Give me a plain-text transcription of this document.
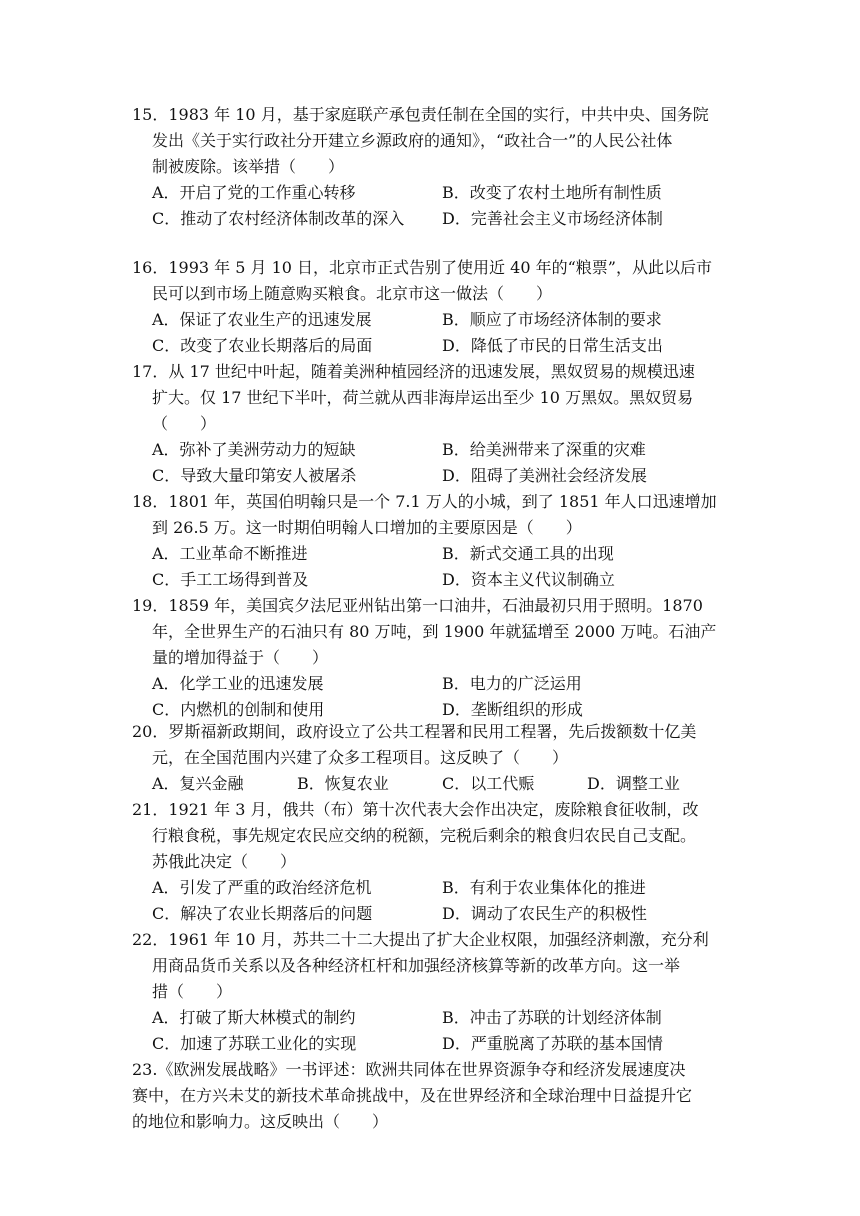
15．1983 年 10 月，基于家庭联产承包责任制在全国的实行，中共中央、国务院
发出《关于实行政社分开建立乡源政府的通知》，“政社合一”的人民公社体
制被废除。该举措（　　）
A．开启了党的工作重心转移	B．改变了农村土地所有制性质
C．推动了农村经济体制改革的深入	D．完善社会主义市场经济体制
16．1993 年 5 月 10 日，北京市正式告别了使用近 40 年的“粮票”，从此以后市
民可以到市场上随意购买粮食。北京市这一做法（　　）
A．保证了农业生产的迅速发展	B．顺应了市场经济体制的要求
C．改变了农业长期落后的局面	D．降低了市民的日常生活支出
17．从 17 世纪中叶起，随着美洲种植园经济的迅速发展，黑奴贸易的规模迅速
扩大。仅 17 世纪下半叶，荷兰就从西非海岸运出至少 10 万黑奴。黑奴贸易
（　　）
A．弥补了美洲劳动力的短缺	B．给美洲带来了深重的灾难
C．导致大量印第安人被屠杀	D．阻碍了美洲社会经济发展
18．1801 年，英国伯明翰只是一个 7.1 万人的小城，到了 1851 年人口迅速增加
到 26.5 万。这一时期伯明翰人口增加的主要原因是（　　）
A．工业革命不断推进	B．新式交通工具的出现
C．手工工场得到普及	D．资本主义代议制确立
19．1859 年，美国宾夕法尼亚州钻出第一口油井，石油最初只用于照明。1870
年，全世界生产的石油只有 80 万吨，到 1900 年就猛增至 2000 万吨。石油产
量的增加得益于（　　）
A．化学工业的迅速发展	B．电力的广泛运用
C．内燃机的创制和使用	D．垄断组织的形成
20．罗斯福新政期间，政府设立了公共工程署和民用工程署，先后拨额数十亿美
元，在全国范围内兴建了众多工程项目。这反映了（　　）
A．复兴金融	B．恢复农业	C．以工代赈	D．调整工业
21．1921 年 3 月，俄共（布）第十次代表大会作出决定，废除粮食征收制，改
行粮食税，事先规定农民应交纳的税额，完税后剩余的粮食归农民自己支配。
苏俄此决定（　　）
A．引发了严重的政治经济危机	B．有利于农业集体化的推进
C．解决了农业长期落后的问题	D．调动了农民生产的积极性
22．1961 年 10 月，苏共二十二大提出了扩大企业权限，加强经济刺激，充分利
用商品货币关系以及各种经济杠杆和加强经济核算等新的改革方向。这一举
措（　　）
A．打破了斯大林模式的制约	B．冲击了苏联的计划经济体制
C．加速了苏联工业化的实现	D．严重脱离了苏联的基本国情
23.《欧洲发展战略》一书评述：欧洲共同体在世界资源争夺和经济发展速度决
赛中，在方兴未艾的新技术革命挑战中，及在世界经济和全球治理中日益提升它
的地位和影响力。这反映出（　　）
